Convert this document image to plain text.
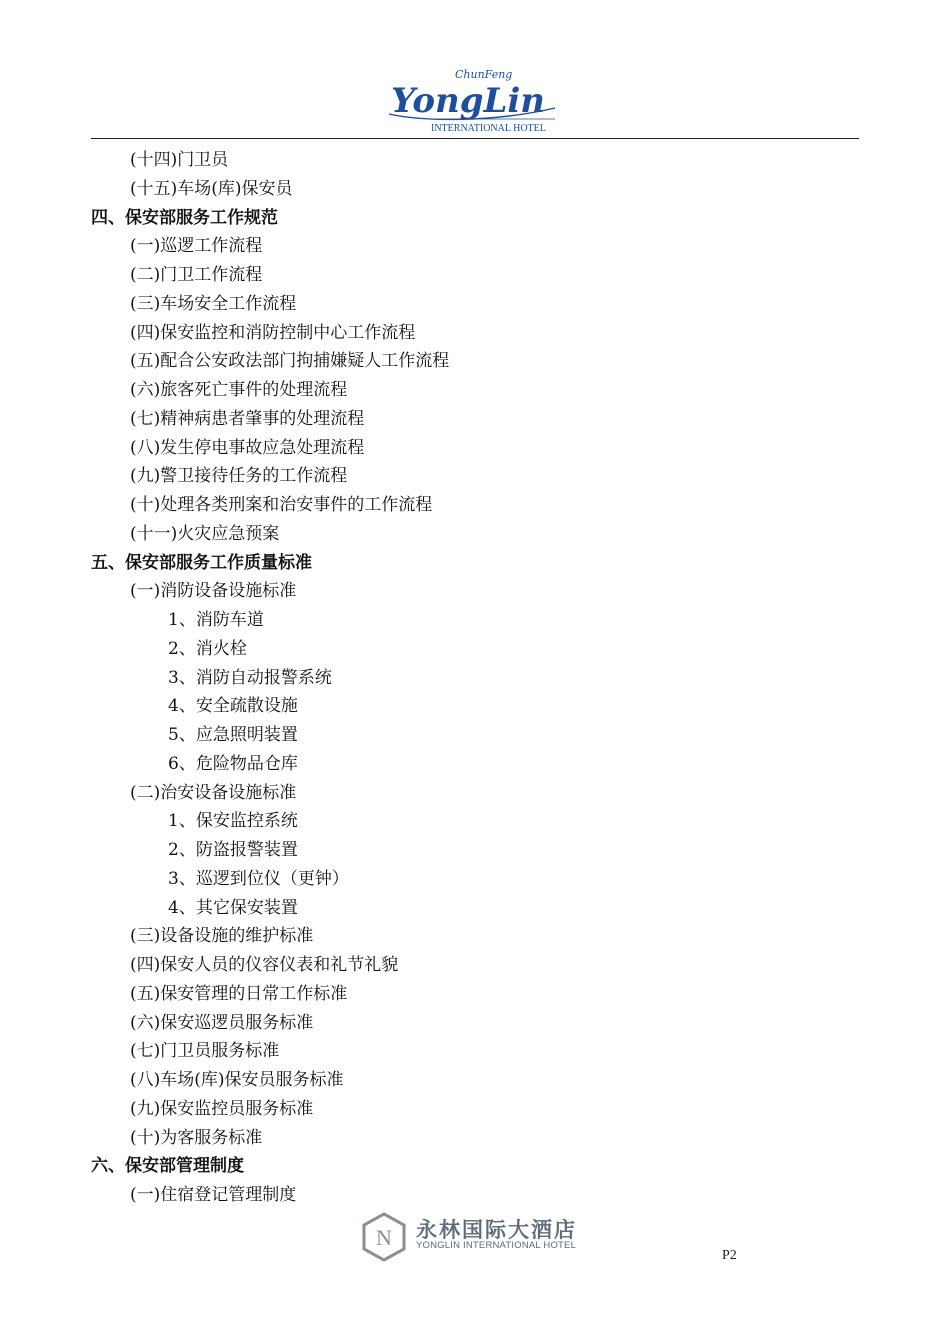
ChunFeng
YongLin
INTERNATIONAL HOTEL
(十四)门卫员
(十五)车场(库)保安员
四、保安部服务工作规范
(一)巡逻工作流程
(二)门卫工作流程
(三)车场安全工作流程
(四)保安监控和消防控制中心工作流程
(五)配合公安政法部门拘捕嫌疑人工作流程
(六)旅客死亡事件的处理流程
(七)精神病患者肇事的处理流程
(八)发生停电事故应急处理流程
(九)警卫接待任务的工作流程
(十)处理各类刑案和治安事件的工作流程
(十一)火灾应急预案
五、保安部服务工作质量标准
(一)消防设备设施标准
1、消防车道
2、消火栓
3、消防自动报警系统
4、安全疏散设施
5、应急照明装置
6、危险物品仓库
(二)治安设备设施标准
1、保安监控系统
2、防盗报警装置
3、巡逻到位仪（更钟）
4、其它保安装置
(三)设备设施的维护标准
(四)保安人员的仪容仪表和礼节礼貌
(五)保安管理的日常工作标准
(六)保安巡逻员服务标准
(七)门卫员服务标准
(八)车场(库)保安员服务标准
(九)保安监控员服务标准
(十)为客服务标准
六、保安部管理制度
(一)住宿登记管理制度
N 永林国际大酒店
YONGLIN INTERNATIONAL HOTEL
P2
